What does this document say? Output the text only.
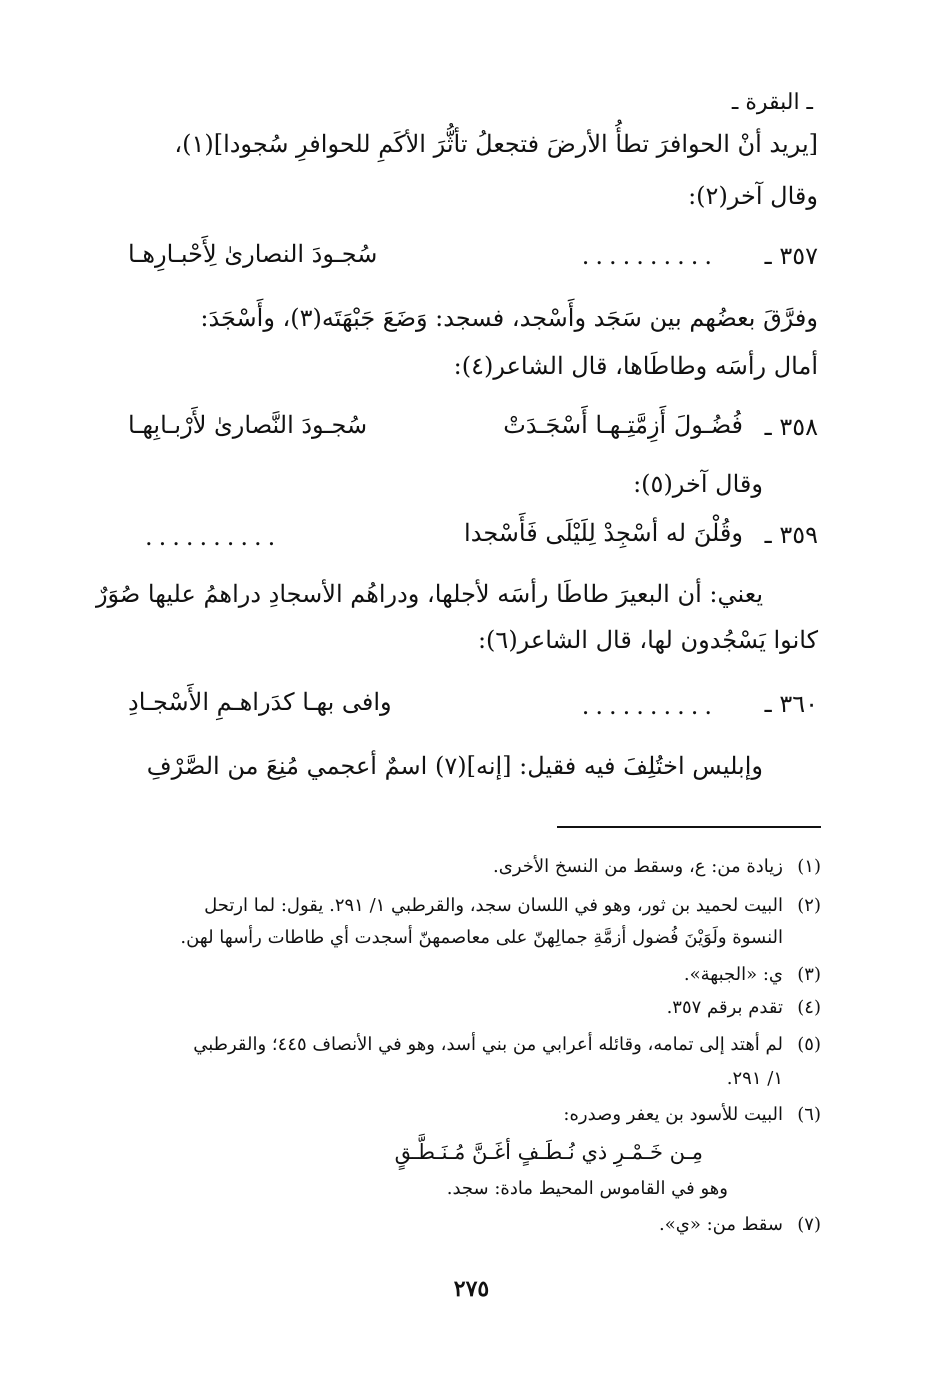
ـ البقرة ـ
[يريد أنْ الحوافرَ تطأُ الأرضَ فتجعلُ تأثُّرَ الأكَمِ للحوافرِ سُجودا](١)،
وقال آخر(٢):
٣٥٧ ـ
..........
سُجـودَ النصارىٰ لِأَحْبـارِهـا
وفرَّقَ بعضُهم بين سَجَد وأَسْجد، فسجد: وَضَعَ جَبْهَتَه(٣)، وأَسْجَدَ:
أمال رأسَه وطاطَاها، قال الشاعر(٤):
٣٥٨ ـ
فُضُـولَ أَزِمَّتِـهـا أَسْجَـدَتْ
سُجـودَ النَّصارىٰ لأَرْبـابِهـا
وقال آخر(٥):
٣٥٩ ـ
وقُلْنَ له أسْجِدْ لِلَيْلَى فَأَسْجدا
..........
يعني: أن البعيرَ طاطَا رأسَه لأجلها، ودراهُم الأسجادِ دراهمُ عليها صُوَرٌ
كانوا يَسْجُدون لها، قال الشاعر(٦):
٣٦٠ ـ
..........
وافى بهـا كدَراهـمِ الأَسْجـادِ
وإبليس اختُلِفَ فيه فقيل: [إنه](٧) اسمٌ أعجمي مُنِعَ من الصَّرْفِ
(١)زيادة من: ع، وسقط من النسخ الأخرى.
(٢)البيت لحميد بن ثور، وهو في اللسان سجد، والقرطبي ١/ ٢٩١. يقول: لما ارتحل
النسوة ولَوَيْنَ فُضول أزمَّةِ جمالِهنّ على معاصمهنّ أسجدت أي طاطات رأسها لهن.
(٣)ي: «الجبهة».
(٤)تقدم برقم ٣٥٧.
(٥)لم أهتد إلى تمامه، وقائله أعرابي من بني أسد، وهو في الأنصاف ٤٤٥؛ والقرطبي
١/ ٢٩١.
(٦)البيت للأسود بن يعفر وصدره:
مِـن خَـمْـرِ ذي نُـطَـفٍ أغَـنَّ مُـنَـطَّـقٍ
وهو في القاموس المحيط مادة: سجد.
(٧)سقط من: «ي».
٢٧٥
